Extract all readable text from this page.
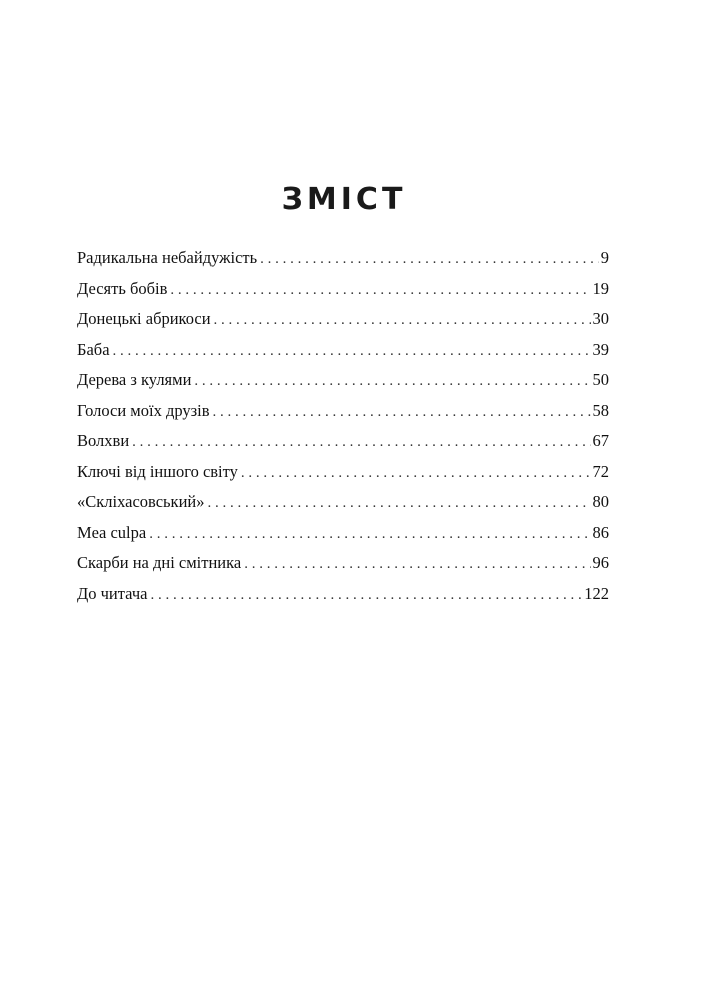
ЗМІСТ
Радикальна небайдужість . . .	9
Десять бобів . . .	19
Донецькі абрикоси . . .	30
Баба . . .	39
Дерева з кулями . . .	50
Голоси моїх друзів . . .	58
Волхви . . .	67
Ключі від іншого світу . . .	72
«Скліхасовський» . . .	80
Mea culpa . . .	86
Скарби на дні смітника . . .	96
До читача . . .	122
